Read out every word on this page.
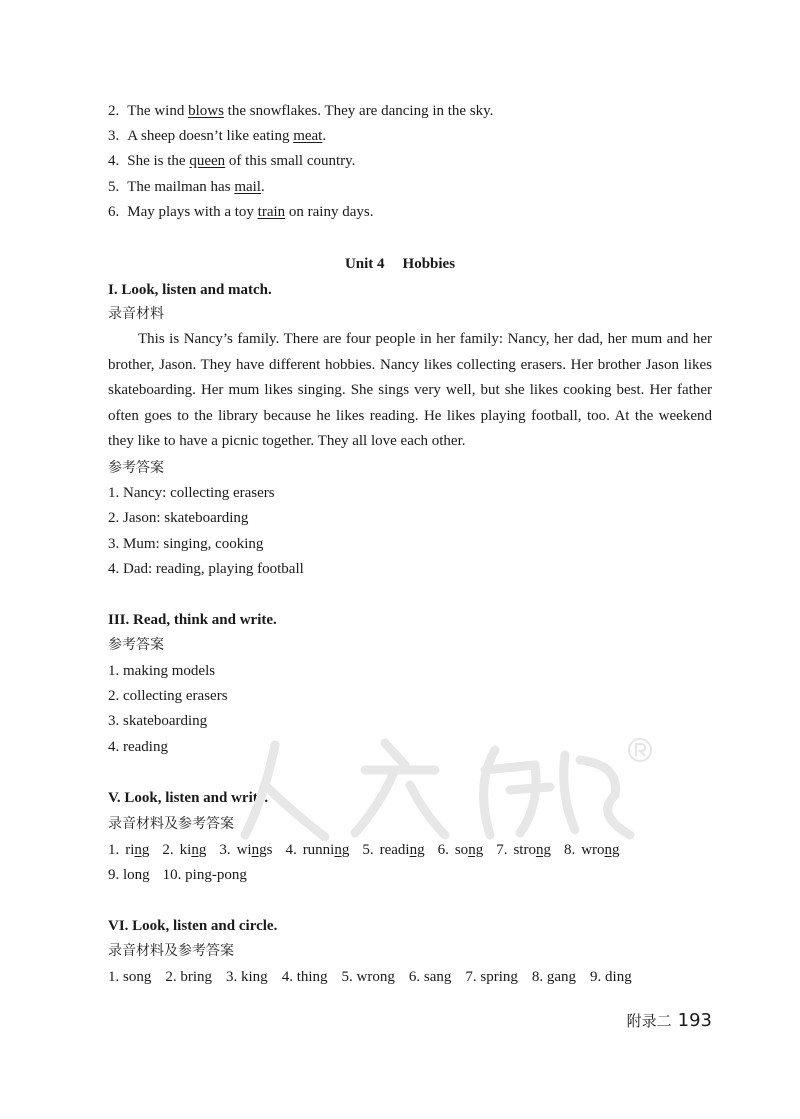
2. The wind blows the snowflakes. They are dancing in the sky.
3. A sheep doesn’t like eating meat.
4. She is the queen of this small country.
5. The mailman has mail.
6. May plays with a toy train on rainy days.
Unit 4 Hobbies
I. Look, listen and match.
录音材料
This is Nancy’s family. There are four people in her family: Nancy, her dad, her mum and her brother, Jason. They have different hobbies. Nancy likes collecting erasers. Her brother Jason likes skateboarding. Her mum likes singing. She sings very well, but she likes cooking best. Her father often goes to the library because he likes reading. He likes playing football, too. At the weekend they like to have a picnic together. They all love each other.
参考答案
1. Nancy: collecting erasers
2. Jason: skateboarding
3. Mum: singing, cooking
4. Dad: reading, playing football
III. Read, think and write.
参考答案
1. making models
2. collecting erasers
3. skateboarding
4. reading
V. Look, listen and write.
录音材料及参考答案
1. ring 2. king 3. wings 4. running 5. reading 6. song 7. strong 8. wrong
9. long 10. ping-pong
VI. Look, listen and circle.
录音材料及参考答案
1. song 2. bring 3. king 4. thing 5. wrong 6. sang 7. spring 8. gang 9. ding
附录二 193
